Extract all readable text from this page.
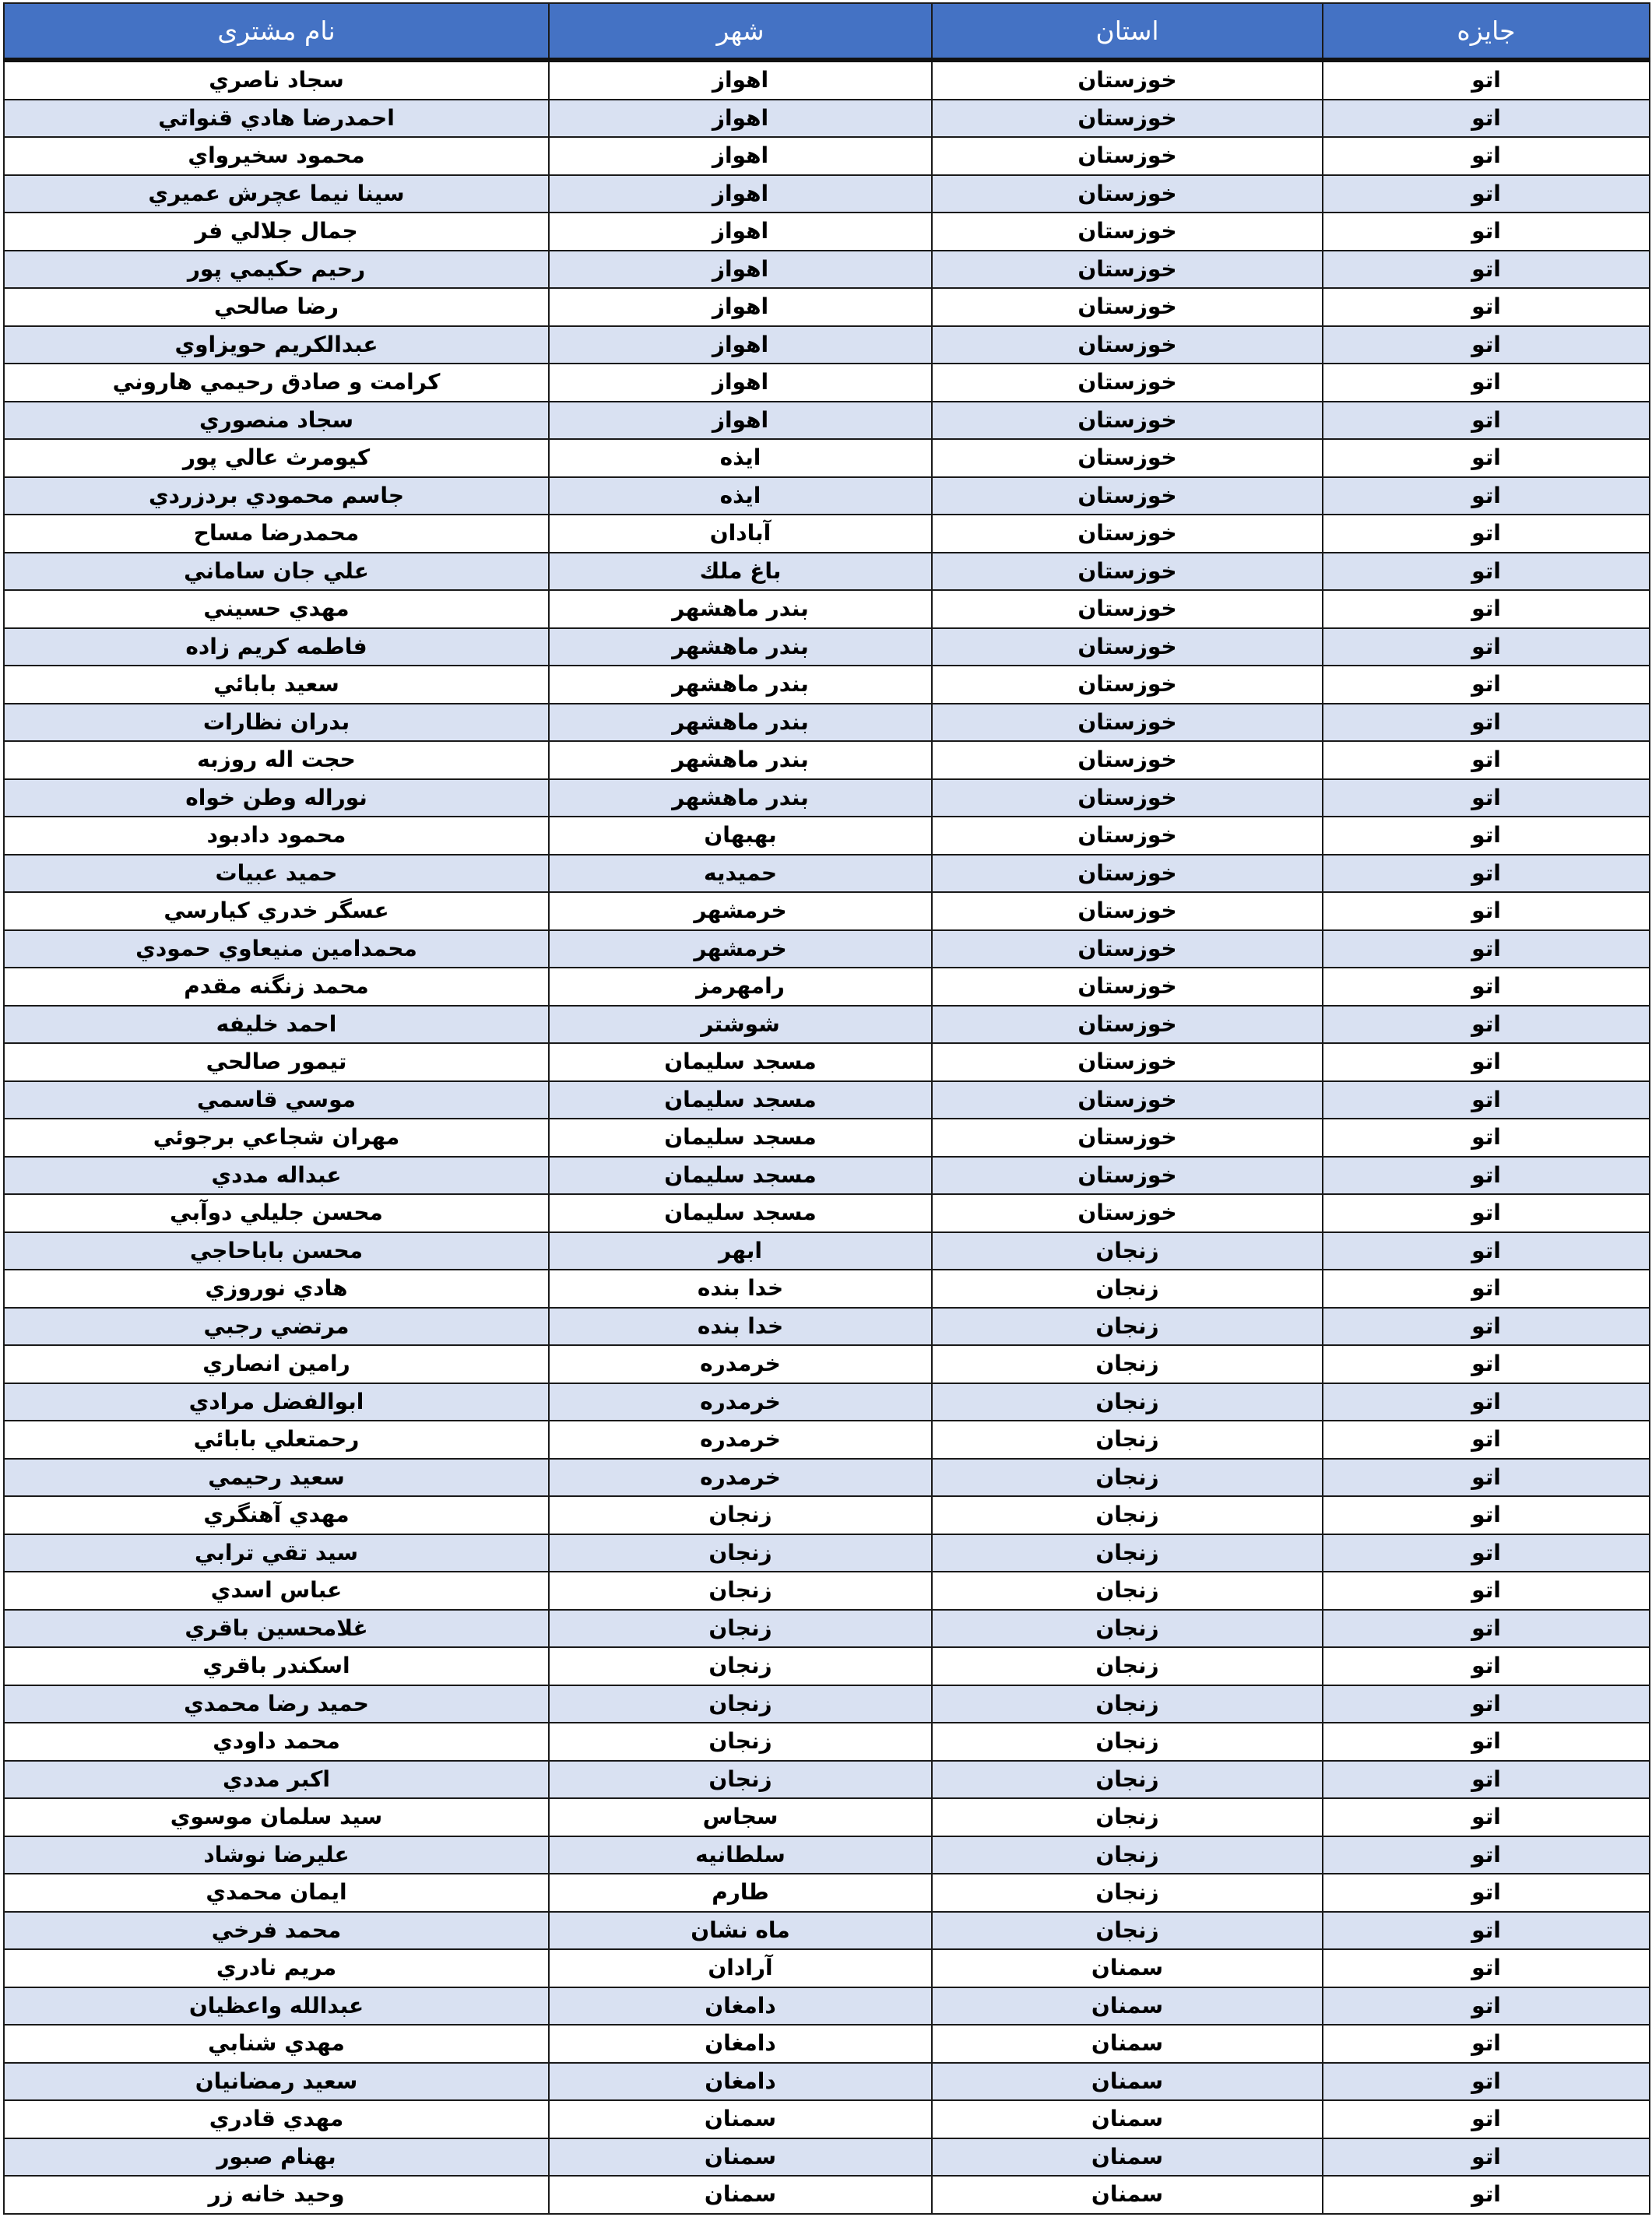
نام مشتری	شهر	استان	جایزه
سجاد ناصري	اهواز	خوزستان	اتو
احمدرضا هادي قنواتي	اهواز	خوزستان	اتو
محمود سخيرواي	اهواز	خوزستان	اتو
سينا نيما عچرش عميري	اهواز	خوزستان	اتو
جمال جلالي فر	اهواز	خوزستان	اتو
رحيم حكيمي پور	اهواز	خوزستان	اتو
رضا صالحي	اهواز	خوزستان	اتو
عبدالكريم حويزاوي	اهواز	خوزستان	اتو
كرامت و صادق رحيمي هاروني	اهواز	خوزستان	اتو
سجاد منصوري	اهواز	خوزستان	اتو
كيومرث عالي پور	ايذه	خوزستان	اتو
جاسم محمودي بردزردي	ايذه	خوزستان	اتو
محمدرضا مساح	آبادان	خوزستان	اتو
علي جان ساماني	باغ ملك	خوزستان	اتو
مهدي حسيني	بندر ماهشهر	خوزستان	اتو
فاطمه كريم زاده	بندر ماهشهر	خوزستان	اتو
سعيد بابائي	بندر ماهشهر	خوزستان	اتو
بدران نظارات	بندر ماهشهر	خوزستان	اتو
حجت اله روزبه	بندر ماهشهر	خوزستان	اتو
نوراله وطن خواه	بندر ماهشهر	خوزستان	اتو
محمود دادبود	بهبهان	خوزستان	اتو
حميد عبيات	حميديه	خوزستان	اتو
عسگر خدري كيارسي	خرمشهر	خوزستان	اتو
محمدامين منيعاوي حمودي	خرمشهر	خوزستان	اتو
محمد زنگنه مقدم	رامهرمز	خوزستان	اتو
احمد خليفه	شوشتر	خوزستان	اتو
تيمور صالحي	مسجد سليمان	خوزستان	اتو
موسي قاسمي	مسجد سليمان	خوزستان	اتو
مهران شجاعي برجوئي	مسجد سليمان	خوزستان	اتو
عبداله مددي	مسجد سليمان	خوزستان	اتو
محسن جليلي دوآبي	مسجد سليمان	خوزستان	اتو
محسن باباحاجي	ابهر	زنجان	اتو
هادي نوروزي	خدا بنده	زنجان	اتو
مرتضي رجبي	خدا بنده	زنجان	اتو
رامين انصاري	خرمدره	زنجان	اتو
ابوالفضل مرادي	خرمدره	زنجان	اتو
رحمتعلي بابائي	خرمدره	زنجان	اتو
سعيد رحيمي	خرمدره	زنجان	اتو
مهدي آهنگري	زنجان	زنجان	اتو
سيد تقي ترابي	زنجان	زنجان	اتو
عباس اسدي	زنجان	زنجان	اتو
غلامحسين باقري	زنجان	زنجان	اتو
اسكندر باقري	زنجان	زنجان	اتو
حميد رضا محمدي	زنجان	زنجان	اتو
محمد داودي	زنجان	زنجان	اتو
اكبر مددي	زنجان	زنجان	اتو
سيد سلمان موسوي	سجاس	زنجان	اتو
عليرضا نوشاد	سلطانيه	زنجان	اتو
ايمان محمدي	طارم	زنجان	اتو
محمد فرخي	ماه نشان	زنجان	اتو
مريم نادري	آرادان	سمنان	اتو
عبدالله واعظيان	دامغان	سمنان	اتو
مهدي شنابي	دامغان	سمنان	اتو
سعيد رمضانيان	دامغان	سمنان	اتو
مهدي قادري	سمنان	سمنان	اتو
بهنام صبور	سمنان	سمنان	اتو
وحيد خانه زر	سمنان	سمنان	اتو
